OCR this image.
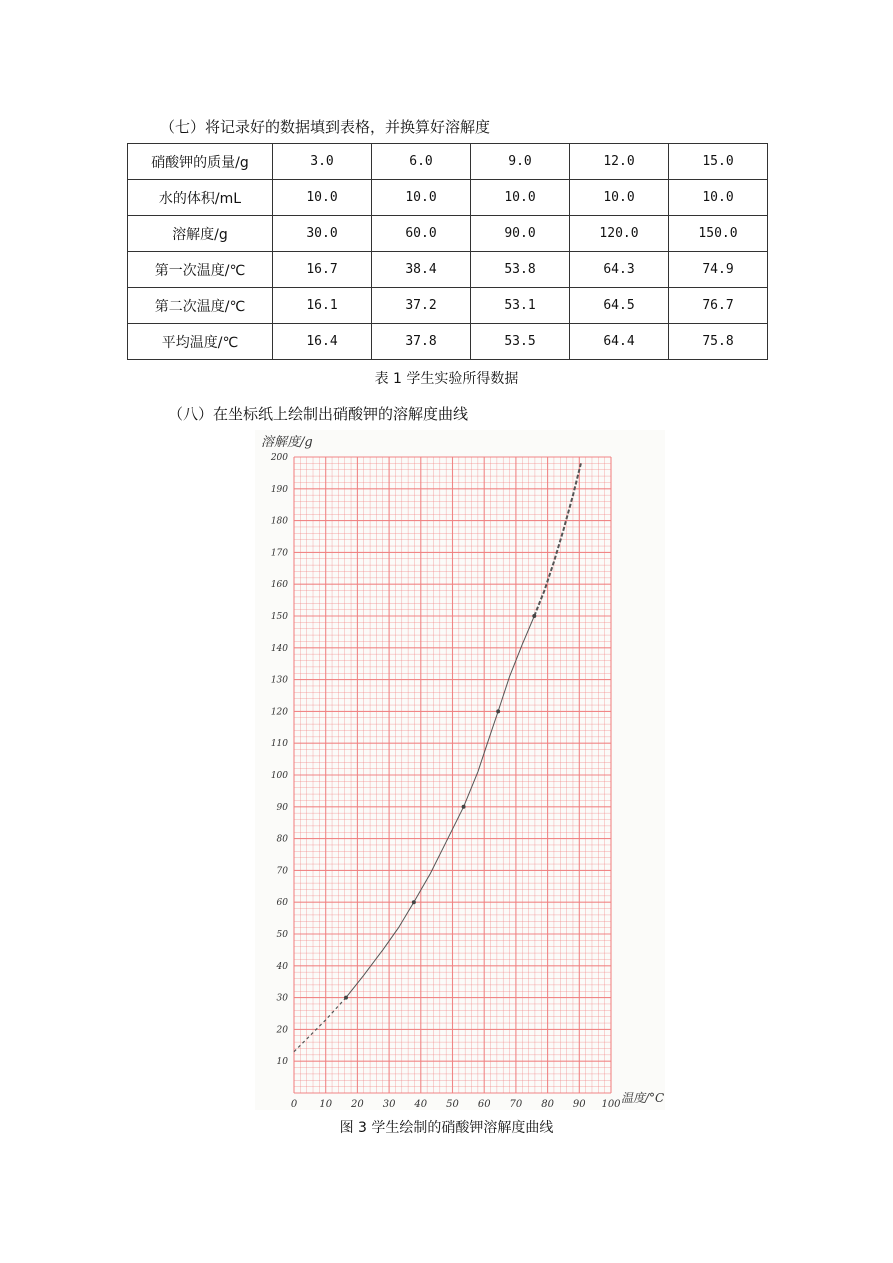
（七）将记录好的数据填到表格，并换算好溶解度
硝酸钾的质量/g	3.0	6.0	9.0	12.0	15.0
水的体积/mL	10.0	10.0	10.0	10.0	10.0
溶解度/g	30.0	60.0	90.0	120.0	150.0
第一次温度/℃	16.7	38.4	53.8	64.3	74.9
第二次温度/℃	16.1	37.2	53.1	64.5	76.7
平均温度/℃	16.4	37.8	53.5	64.4	75.8
表 1 学生实验所得数据
（八）在坐标纸上绘制出硝酸钾的溶解度曲线
0 10 20 30 40 50 60 70 80 90 100
10
20
30
40
50
60
70
80
90
100
110
120
130
140
150
160
170
180
190
200
溶解度/g
温度/°C
图 3 学生绘制的硝酸钾溶解度曲线
